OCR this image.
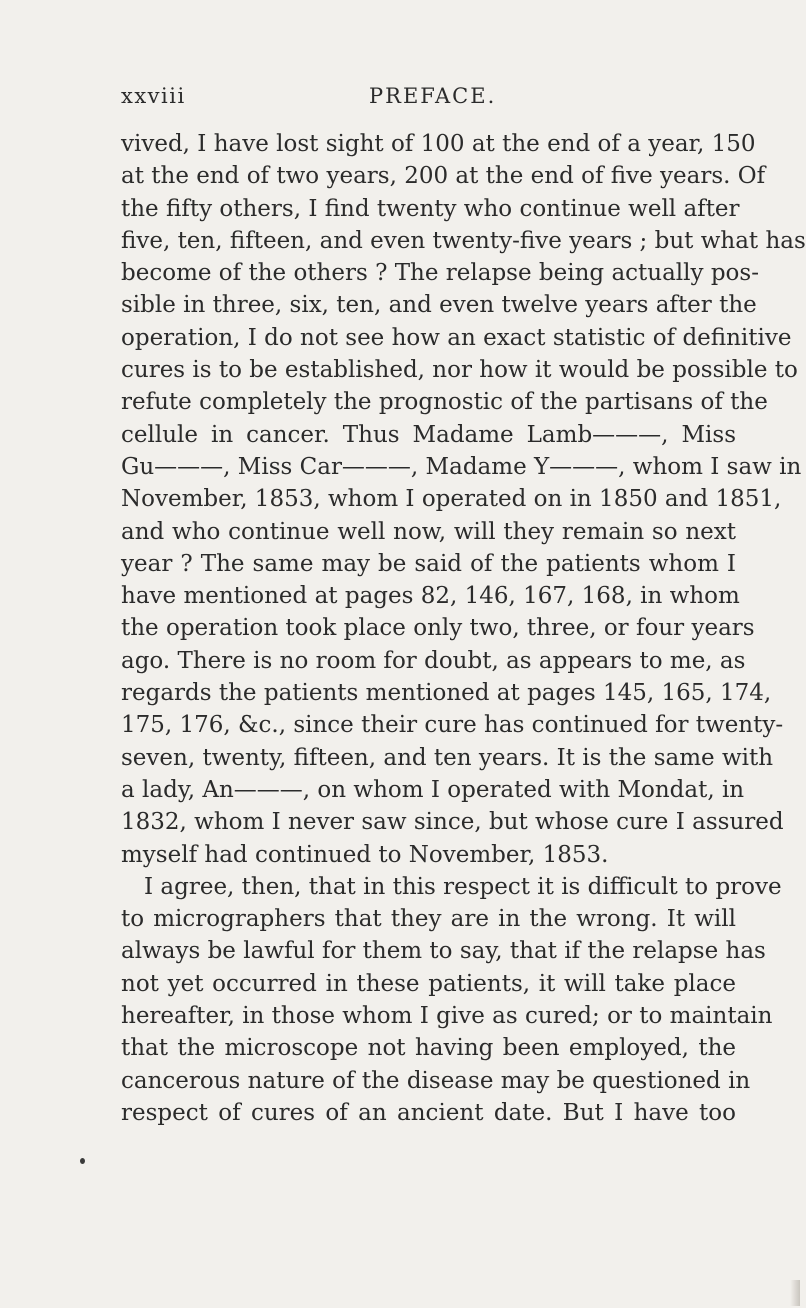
xxviii	PREFACE.
vived, I have lost sight of 100 at the end of a year, 150
at the end of two years, 200 at the end of five years. Of
the fifty others, I find twenty who continue well after
five, ten, fifteen, and even twenty-five years ; but what has
become of the others ? The relapse being actually pos-
sible in three, six, ten, and even twelve years after the
operation, I do not see how an exact statistic of definitive
cures is to be established, nor how it would be possible to
refute completely the prognostic of the partisans of the
cellule in cancer. Thus Madame Lamb———, Miss
Gu———, Miss Car———, Madame Y———, whom I saw in
November, 1853, whom I operated on in 1850 and 1851,
and who continue well now, will they remain so next
year ? The same may be said of the patients whom I
have mentioned at pages 82, 146, 167, 168, in whom
the operation took place only two, three, or four years
ago. There is no room for doubt, as appears to me, as
regards the patients mentioned at pages 145, 165, 174,
175, 176, &c., since their cure has continued for twenty-
seven, twenty, fifteen, and ten years. It is the same with
a lady, An———, on whom I operated with Mondat, in
1832, whom I never saw since, but whose cure I assured
myself had continued to November, 1853.
I agree, then, that in this respect it is difficult to prove
to micrographers that they are in the wrong. It will
always be lawful for them to say, that if the relapse has
not yet occurred in these patients, it will take place
hereafter, in those whom I give as cured; or to maintain
that the microscope not having been employed, the
cancerous nature of the disease may be questioned in
respect of cures of an ancient date. But I have too
